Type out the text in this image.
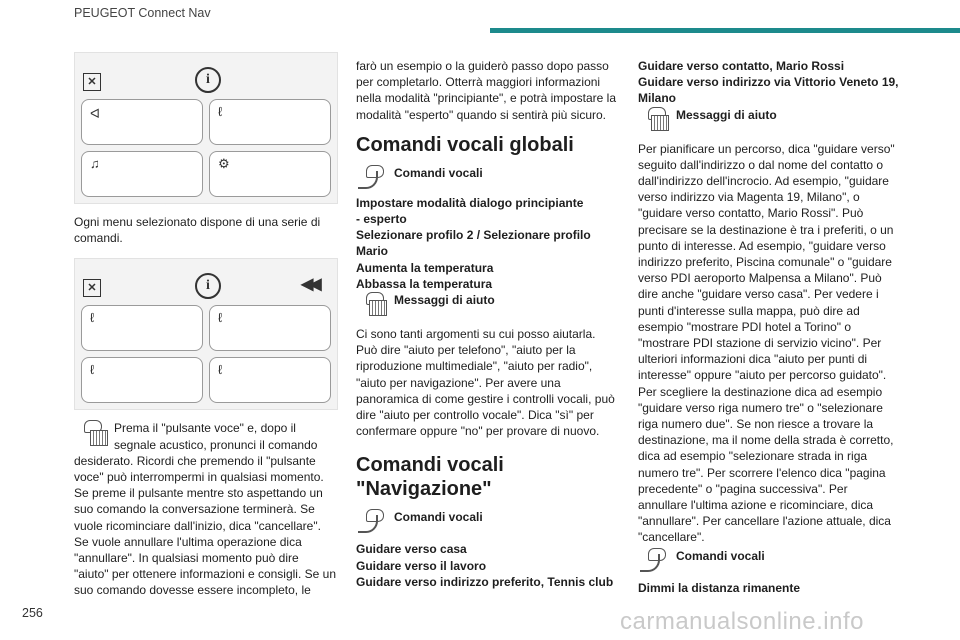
PEUGEOT Connect Nav
✕	i
ᐊ	ℓ
♫	⚙

Ogni menu selezionato dispone di una serie di comandi.

✕	i	◀◀
ℓ	ℓ
ℓ	ℓ

Prema il "pulsante voce" e, dopo il segnale acustico, pronunci il comando desiderato. Ricordi che premendo il "pulsante voce" può interrompermi in qualsiasi momento. Se preme il pulsante mentre sto aspettando un suo comando la conversazione terminerà. Se vuole ricominciare dall'inizio, dica "cancellare". Se vuole annullare l'ultima operazione dica "annullare". In qualsiasi momento può dire "aiuto" per ottenere informazioni e consigli. Se un suo comando dovesse essere incompleto, le

farò un esempio o la guiderò passo dopo passo per completarlo. Otterrà maggiori informazioni nella modalità "principiante", e potrà impostare la modalità "esperto" quando si sentirà più sicuro.

Comandi vocali globali
Comandi vocali

Impostare modalità dialogo principiante

- esperto

Selezionare profilo 2 / Selezionare profilo Mario

Aumenta la temperatura

Abbassa la temperatura

Messaggi di aiuto

Ci sono tanti argomenti su cui posso aiutarla. Può dire "aiuto per telefono", "aiuto per la riproduzione multimediale", "aiuto per radio", "aiuto per navigazione". Per avere una panoramica di come gestire i controlli vocali, può dire "aiuto per controllo vocale". Dica "sì" per confermare oppure "no" per provare di nuovo.

Comandi vocali "Navigazione"
Comandi vocali

Guidare verso casa

Guidare verso il lavoro

Guidare verso indirizzo preferito, Tennis club

Guidare verso contatto, Mario Rossi

Guidare verso indirizzo via Vittorio Veneto 19, Milano

Messaggi di aiuto

Per pianificare un percorso, dica "guidare verso" seguito dall'indirizzo o dal nome del contatto o dall'indirizzo dell'incrocio. Ad esempio, "guidare verso indirizzo via Magenta 19, Milano", o "guidare verso contatto, Mario Rossi". Può precisare se la destinazione è tra i preferiti, o un punto di interesse. Ad esempio, "guidare verso indirizzo preferito, Piscina comunale" o "guidare verso PDI aeroporto Malpensa a Milano". Può dire anche "guidare verso casa". Per vedere i punti d'interesse sulla mappa, può dire ad esempio "mostrare PDI hotel a Torino" o "mostrare PDI stazione di servizio vicino". Per ulteriori informazioni dica "aiuto per punti di interesse" oppure "aiuto per percorso guidato". Per scegliere la destinazione dica ad esempio "guidare verso riga numero tre" o "selezionare riga numero due". Se non riesce a trovare la destinazione, ma il nome della strada è corretto, dica ad esempio "selezionare strada in riga numero tre". Per scorrere l'elenco dica "pagina precedente" o "pagina successiva". Per annullare l'ultima azione e ricominciare, dica "annullare". Per cancellare l'azione attuale, dica "cancellare".

Comandi vocali

Dimmi la distanza rimanente

256	carmanualsonline.info
